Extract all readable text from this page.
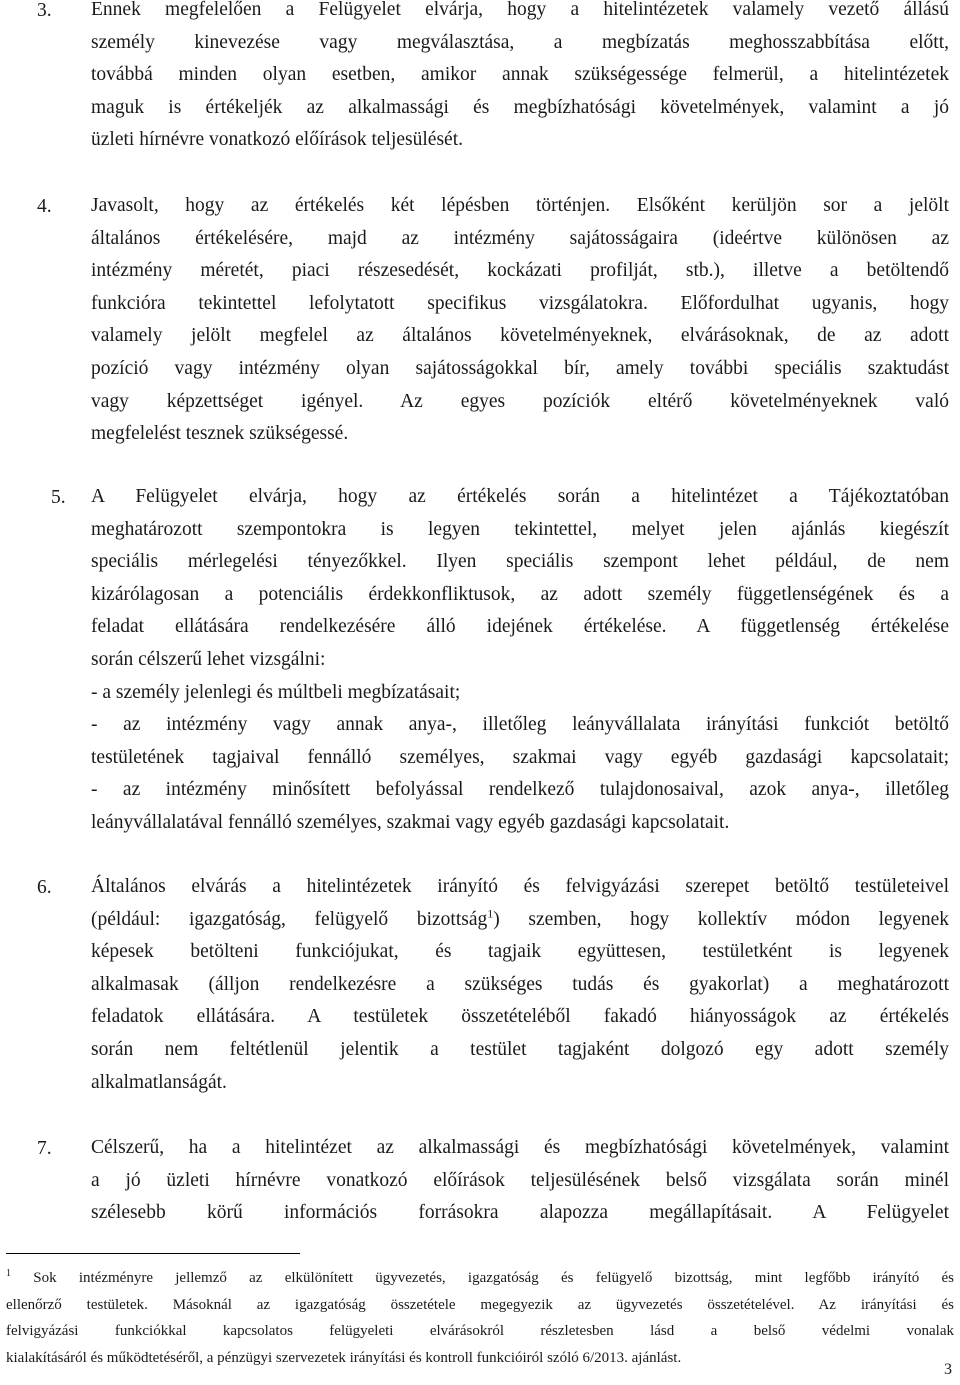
3. Ennek megfelelően a Felügyelet elvárja, hogy a hitelintézetek valamely vezető állású
személy kinevezése vagy megválasztása, a megbízatás meghosszabbítása előtt,
továbbá minden olyan esetben, amikor annak szükségessége felmerül, a hitelintézetek
maguk is értékeljék az alkalmassági és megbízhatósági követelmények, valamint a jó
üzleti hírnévre vonatkozó előírások teljesülését.

4. Javasolt, hogy az értékelés két lépésben történjen. Elsőként kerüljön sor a jelölt
általános értékelésére, majd az intézmény sajátosságaira (ideértve különösen az
intézmény méretét, piaci részesedését, kockázati profilját, stb.), illetve a betöltendő
funkcióra tekintettel lefolytatott specifikus vizsgálatokra. Előfordulhat ugyanis, hogy
valamely jelölt megfelel az általános követelményeknek, elvárásoknak, de az adott
pozíció vagy intézmény olyan sajátosságokkal bír, amely további speciális szaktudást
vagy képzettséget igényel. Az egyes pozíciók eltérő követelményeknek való
megfelelést tesznek szükségessé.

5. A Felügyelet elvárja, hogy az értékelés során a hitelintézet a Tájékoztatóban
meghatározott szempontokra is legyen tekintettel, melyet jelen ajánlás kiegészít
speciális mérlegelési tényezőkkel. Ilyen speciális szempont lehet például, de nem
kizárólagosan a potenciális érdekkonfliktusok, az adott személy függetlenségének és a
feladat ellátására rendelkezésére álló idejének értékelése. A függetlenség értékelése
során célszerű lehet vizsgálni:
- a személy jelenlegi és múltbeli megbízatásait;
- az intézmény vagy annak anya-, illetőleg leányvállalata irányítási funkciót betöltő
testületének tagjaival fennálló személyes, szakmai vagy egyéb gazdasági kapcsolatait;
- az intézmény minősített befolyással rendelkező tulajdonosaival, azok anya-, illetőleg
leányvállalatával fennálló személyes, szakmai vagy egyéb gazdasági kapcsolatait.

6. Általános elvárás a hitelintézetek irányító és felvigyázási szerepet betöltő testületeivel
(például: igazgatóság, felügyelő bizottság$^1$) szemben, hogy kollektív módon legyenek
képesek betölteni funkciójukat, és tagjaik együttesen, testületként is legyenek
alkalmasak (álljon rendelkezésre a szükséges tudás és gyakorlat) a meghatározott
feladatok ellátására. A testületek összetételéből fakadó hiányosságok az értékelés
során nem feltétlenül jelentik a testület tagjaként dolgozó egy adott személy
alkalmatlanságát.

7. Célszerű, ha a hitelintézet az alkalmassági és megbízhatósági követelmények, valamint
a jó üzleti hírnévre vonatkozó előírások teljesülésének belső vizsgálata során minél
szélesebb körű információs forrásokra alapozza megállapításait. A Felügyelet

$^1$ Sok intézményre jellemző az elkülönített ügyvezetés, igazgatóság és felügyelő bizottság, mint legfőbb irányító és
ellenőrző testületek. Másoknál az igazgatóság összetétele megegyezik az ügyvezetés összetételével. Az irányítási és
felvigyázási funkciókkal kapcsolatos felügyeleti elvárásokról részletesben lásd a belső védelmi vonalak
kialakításáról és működtetéséről, a pénzügyi szervezetek irányítási és kontroll funkcióiról szóló 6/2013. ajánlást.

3
